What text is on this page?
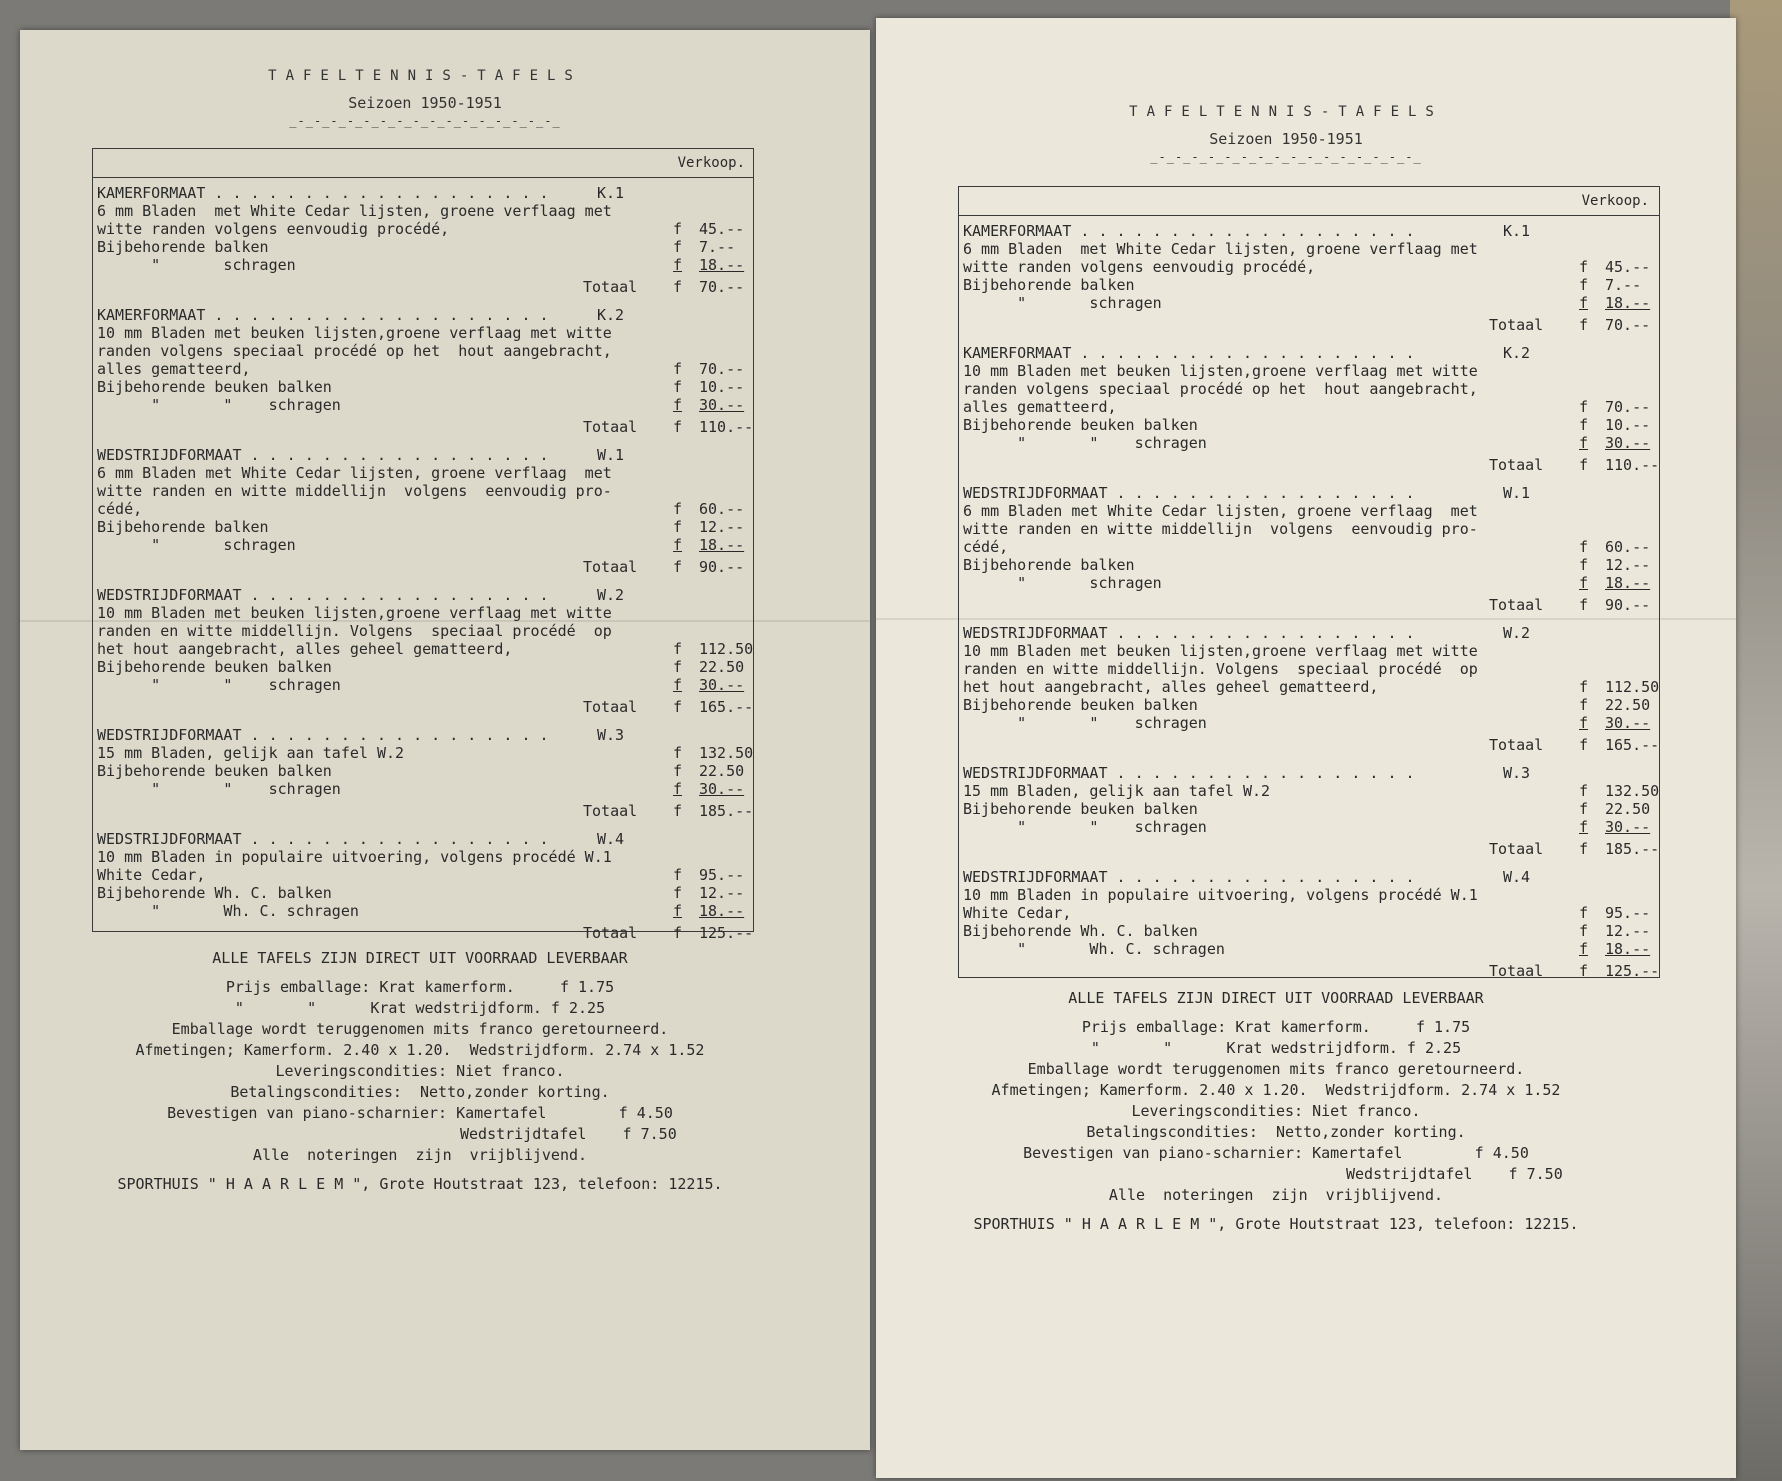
TAFELTENNIS-TAFELS
Seizoen 1950-1951
_-_-_-_-_-_-_-_-_-_-_-_-_-_-_-_-_
Verkoop.
KAMERFORMAAT . . . . . . . . . . . . . . . . . . .	K.1
6 mm Bladen  met White Cedar lijsten, groene verflaag met
witte randen volgens eenvoudig procédé,	f 45.--
Bijbehorende balken	f 7.--
"       schragen	f 18.--
Totaal f 70.--
KAMERFORMAAT . . . . . . . . . . . . . . . . . . .	K.2
10 mm Bladen met beuken lijsten,groene verflaag met witte
randen volgens speciaal procédé op het  hout aangebracht,
alles gematteerd,	f 70.--
Bijbehorende beuken balken	f 10.--
"       "    schragen	f 30.--
Totaal f 110.--
WEDSTRIJDFORMAAT . . . . . . . . . . . . . . . . .	W.1
6 mm Bladen met White Cedar lijsten, groene verflaag  met
witte randen en witte middellijn  volgens  eenvoudig pro-
cédé,	f 60.--
Bijbehorende balken	f 12.--
"       schragen	f 18.--
Totaal f 90.--
WEDSTRIJDFORMAAT . . . . . . . . . . . . . . . . .	W.2
10 mm Bladen met beuken lijsten,groene verflaag met witte
randen en witte middellijn. Volgens  speciaal procédé  op
het hout aangebracht, alles geheel gematteerd,	f 112.50
Bijbehorende beuken balken	f 22.50
"       "    schragen	f 30.--
Totaal f 165.--
WEDSTRIJDFORMAAT . . . . . . . . . . . . . . . . .	W.3
15 mm Bladen, gelijk aan tafel W.2	f 132.50
Bijbehorende beuken balken	f 22.50
"       "    schragen	f 30.--
Totaal f 185.--
WEDSTRIJDFORMAAT . . . . . . . . . . . . . . . . .	W.4
10 mm Bladen in populaire uitvoering, volgens procédé W.1
White Cedar,	f 95.--
Bijbehorende Wh. C. balken	f 12.--
"       Wh. C. schragen	f 18.--
Totaal f 125.--
ALLE TAFELS ZIJN DIRECT UIT VOORRAAD LEVERBAAR
Prijs emballage: Krat kamerform.     f 1.75
"       "      Krat wedstrijdform. f 2.25
Emballage wordt teruggenomen mits franco geretourneerd.
Afmetingen; Kamerform. 2.40 x 1.20.  Wedstrijdform. 2.74 x 1.52
Leveringscondities: Niet franco.
Betalingscondities:  Netto,zonder korting.
Bevestigen van piano-scharnier: Kamertafel        f 4.50
Wedstrijdtafel    f 7.50
Alle  noteringen  zijn  vrijblijvend.
SPORTHUIS " H A A R L E M ", Grote Houtstraat 123, telefoon: 12215.
TAFELTENNIS-TAFELS
Seizoen 1950-1951
_-_-_-_-_-_-_-_-_-_-_-_-_-_-_-_-_
Verkoop.
KAMERFORMAAT . . . . . . . . . . . . . . . . . . .	K.1
6 mm Bladen  met White Cedar lijsten, groene verflaag met
witte randen volgens eenvoudig procédé,	f 45.--
Bijbehorende balken	f 7.--
"       schragen	f 18.--
Totaal f 70.--
KAMERFORMAAT . . . . . . . . . . . . . . . . . . .	K.2
10 mm Bladen met beuken lijsten,groene verflaag met witte
randen volgens speciaal procédé op het  hout aangebracht,
alles gematteerd,	f 70.--
Bijbehorende beuken balken	f 10.--
"       "    schragen	f 30.--
Totaal f 110.--
WEDSTRIJDFORMAAT . . . . . . . . . . . . . . . . .	W.1
6 mm Bladen met White Cedar lijsten, groene verflaag  met
witte randen en witte middellijn  volgens  eenvoudig pro-
cédé,	f 60.--
Bijbehorende balken	f 12.--
"       schragen	f 18.--
Totaal f 90.--
WEDSTRIJDFORMAAT . . . . . . . . . . . . . . . . .	W.2
10 mm Bladen met beuken lijsten,groene verflaag met witte
randen en witte middellijn. Volgens  speciaal procédé  op
het hout aangebracht, alles geheel gematteerd,	f 112.50
Bijbehorende beuken balken	f 22.50
"       "    schragen	f 30.--
Totaal f 165.--
WEDSTRIJDFORMAAT . . . . . . . . . . . . . . . . .	W.3
15 mm Bladen, gelijk aan tafel W.2	f 132.50
Bijbehorende beuken balken	f 22.50
"       "    schragen	f 30.--
Totaal f 185.--
WEDSTRIJDFORMAAT . . . . . . . . . . . . . . . . .	W.4
10 mm Bladen in populaire uitvoering, volgens procédé W.1
White Cedar,	f 95.--
Bijbehorende Wh. C. balken	f 12.--
"       Wh. C. schragen	f 18.--
Totaal f 125.--
ALLE TAFELS ZIJN DIRECT UIT VOORRAAD LEVERBAAR
Prijs emballage: Krat kamerform.     f 1.75
"       "      Krat wedstrijdform. f 2.25
Emballage wordt teruggenomen mits franco geretourneerd.
Afmetingen; Kamerform. 2.40 x 1.20.  Wedstrijdform. 2.74 x 1.52
Leveringscondities: Niet franco.
Betalingscondities:  Netto,zonder korting.
Bevestigen van piano-scharnier: Kamertafel        f 4.50
Wedstrijdtafel    f 7.50
Alle  noteringen  zijn  vrijblijvend.
SPORTHUIS " H A A R L E M ", Grote Houtstraat 123, telefoon: 12215.
